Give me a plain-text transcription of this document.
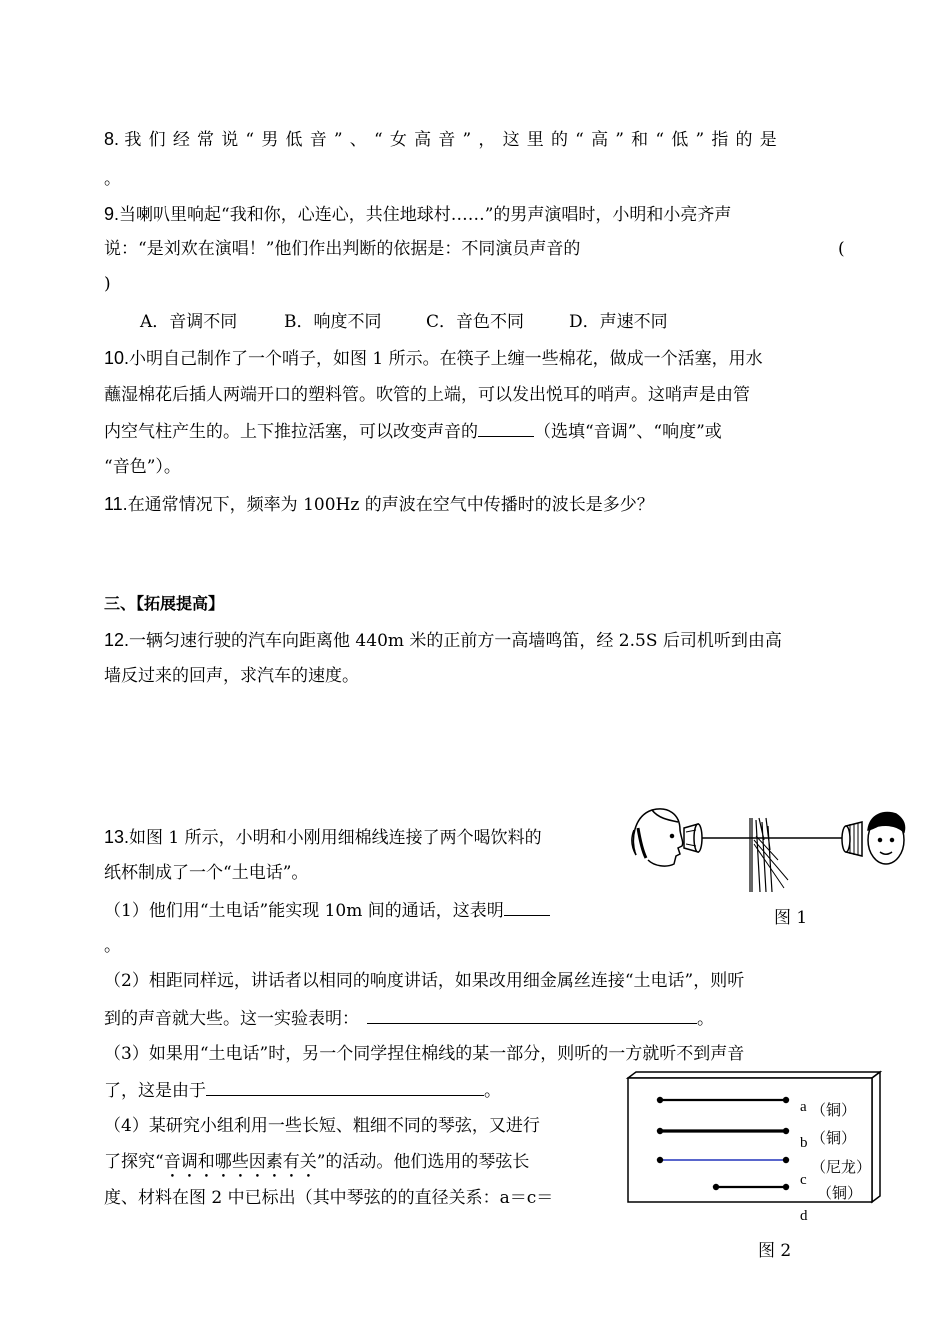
8. 我们经常说“男低音”、“女高音”，这里的“高”和“低”指的是
。
9.当喇叭里响起“我和你，心连心，共住地球村……”的男声演唱时，小明和小亮齐声
说：“是刘欢在演唱！”他们作出判断的依据是：不同演员声音的	(
)
A．音调不同	B．响度不同	C．音色不同	D．声速不同
10.小明自己制作了一个哨子，如图 1 所示。在筷子上缠一些棉花，做成一个活塞，用水
蘸湿棉花后插人两端开口的塑料管。吹管的上端，可以发出悦耳的哨声。这哨声是由管
内空气柱产生的。上下推拉活塞，可以改变声音的	（选填“音调”、“响度”或
“音色”）。
11.在通常情况下，频率为 100Hz 的声波在空气中传播时的波长是多少？
三、【拓展提高】
12.一辆匀速行驶的汽车向距离他 440m 米的正前方一高墙鸣笛，经 2.5S 后司机听到由高
墙反过来的回声，求汽车的速度。
13.如图 1 所示，小明和小刚用细棉线连接了两个喝饮料的
纸杯制成了一个“土电话”。
（1）他们用“土电话”能实现 10m 间的通话，这表明
。
（2）相距同样远，讲话者以相同的响度讲话，如果改用细金属丝连接“土电话”，则听
到的声音就大些。这一实验表明：	。
（3）如果用“土电话”时，另一个同学捏住棉线的某一部分，则听的一方就听不到声音
了，这是由于	。
（4）某研究小组利用一些长短、粗细不同的琴弦，又进行
了探究“音调和哪些因素有关”的活动。他们选用的琴弦长
度、材料在图 2 中已标出（其中琴弦的的直径关系：a＝c＝
图 1
a （铜）
b （铜）
c
（尼龙）
（铜）
d
图 2
